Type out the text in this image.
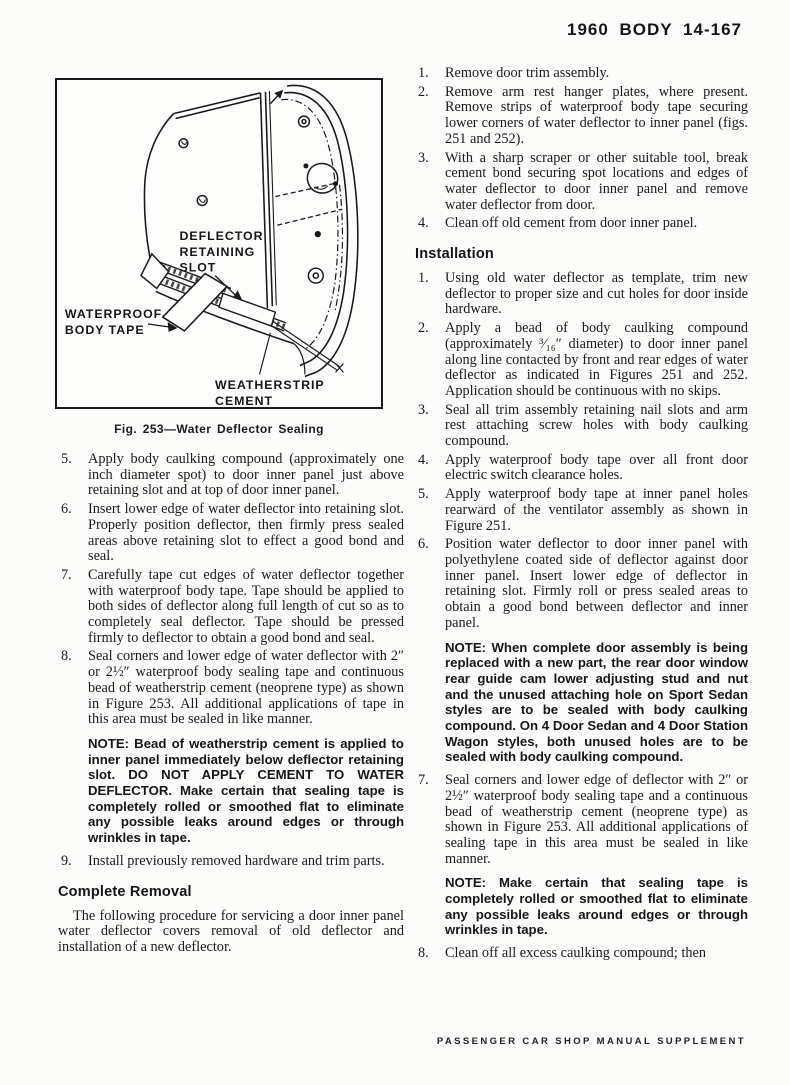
1960 BODY 14-167
DEFLECTOR
RETAINING
SLOT
WATERPROOF
BODY TAPE
WEATHERSTRIP
CEMENT
Fig. 253—Water Deflector Sealing
5. Apply body caulking compound (approximately one inch diameter spot) to door inner panel just above retaining slot and at top of door inner panel.
6. Insert lower edge of water deflector into retaining slot. Properly position deflector, then firmly press sealed areas above retaining slot to effect a good bond and seal.
7. Carefully tape cut edges of water deflector together with waterproof body tape. Tape should be applied to both sides of deflector along full length of cut so as to completely seal deflector. Tape should be pressed firmly to deflector to obtain a good bond and seal.
8. Seal corners and lower edge of water deflector with 2″ or 2½″ waterproof body sealing tape and continuous bead of weatherstrip cement (neoprene type) as shown in Figure 253. All additional applications of tape in this area must be sealed in like manner.
NOTE: Bead of weatherstrip cement is applied to inner panel immediately below deflector retaining slot. DO NOT APPLY CEMENT TO WATER DEFLECTOR. Make certain that sealing tape is completely rolled or smoothed flat to eliminate any possible leaks around edges or through wrinkles in tape.
9. Install previously removed hardware and trim parts.
Complete Removal
The following procedure for servicing a door inner panel water deflector covers removal of old deflector and installation of a new deflector.
1. Remove door trim assembly.
2. Remove arm rest hanger plates, where present. Remove strips of waterproof body tape securing lower corners of water deflector to inner panel (figs. 251 and 252).
3. With a sharp scraper or other suitable tool, break cement bond securing spot locations and edges of water deflector to door inner panel and remove water deflector from door.
4. Clean off old cement from door inner panel.
Installation
1. Using old water deflector as template, trim new deflector to proper size and cut holes for door inside hardware.
2. Apply a bead of body caulking compound (approximately ³⁄₁₆″ diameter) to door inner panel along line contacted by front and rear edges of water deflector as indicated in Figures 251 and 252. Application should be continuous with no skips.
3. Seal all trim assembly retaining nail slots and arm rest attaching screw holes with body caulking compound.
4. Apply waterproof body tape over all front door electric switch clearance holes.
5. Apply waterproof body tape at inner panel holes rearward of the ventilator assembly as shown in Figure 251.
6. Position water deflector to door inner panel with polyethylene coated side of deflector against door inner panel. Insert lower edge of deflector in retaining slot. Firmly roll or press sealed areas to obtain a good bond between deflector and inner panel.
NOTE: When complete door assembly is being replaced with a new part, the rear door window rear guide cam lower adjusting stud and nut and the unused attaching hole on Sport Sedan styles are to be sealed with body caulking compound. On 4 Door Sedan and 4 Door Station Wagon styles, both unused holes are to be sealed with body caulking compound.
7. Seal corners and lower edge of deflector with 2″ or 2½″ waterproof body sealing tape and a continuous bead of weatherstrip cement (neoprene type) as shown in Figure 253. All additional applications of sealing tape in this area must be sealed in like manner.
NOTE: Make certain that sealing tape is completely rolled or smoothed flat to eliminate any possible leaks around edges or through wrinkles in tape.
8. Clean off all excess caulking compound; then
PASSENGER CAR SHOP MANUAL SUPPLEMENT
